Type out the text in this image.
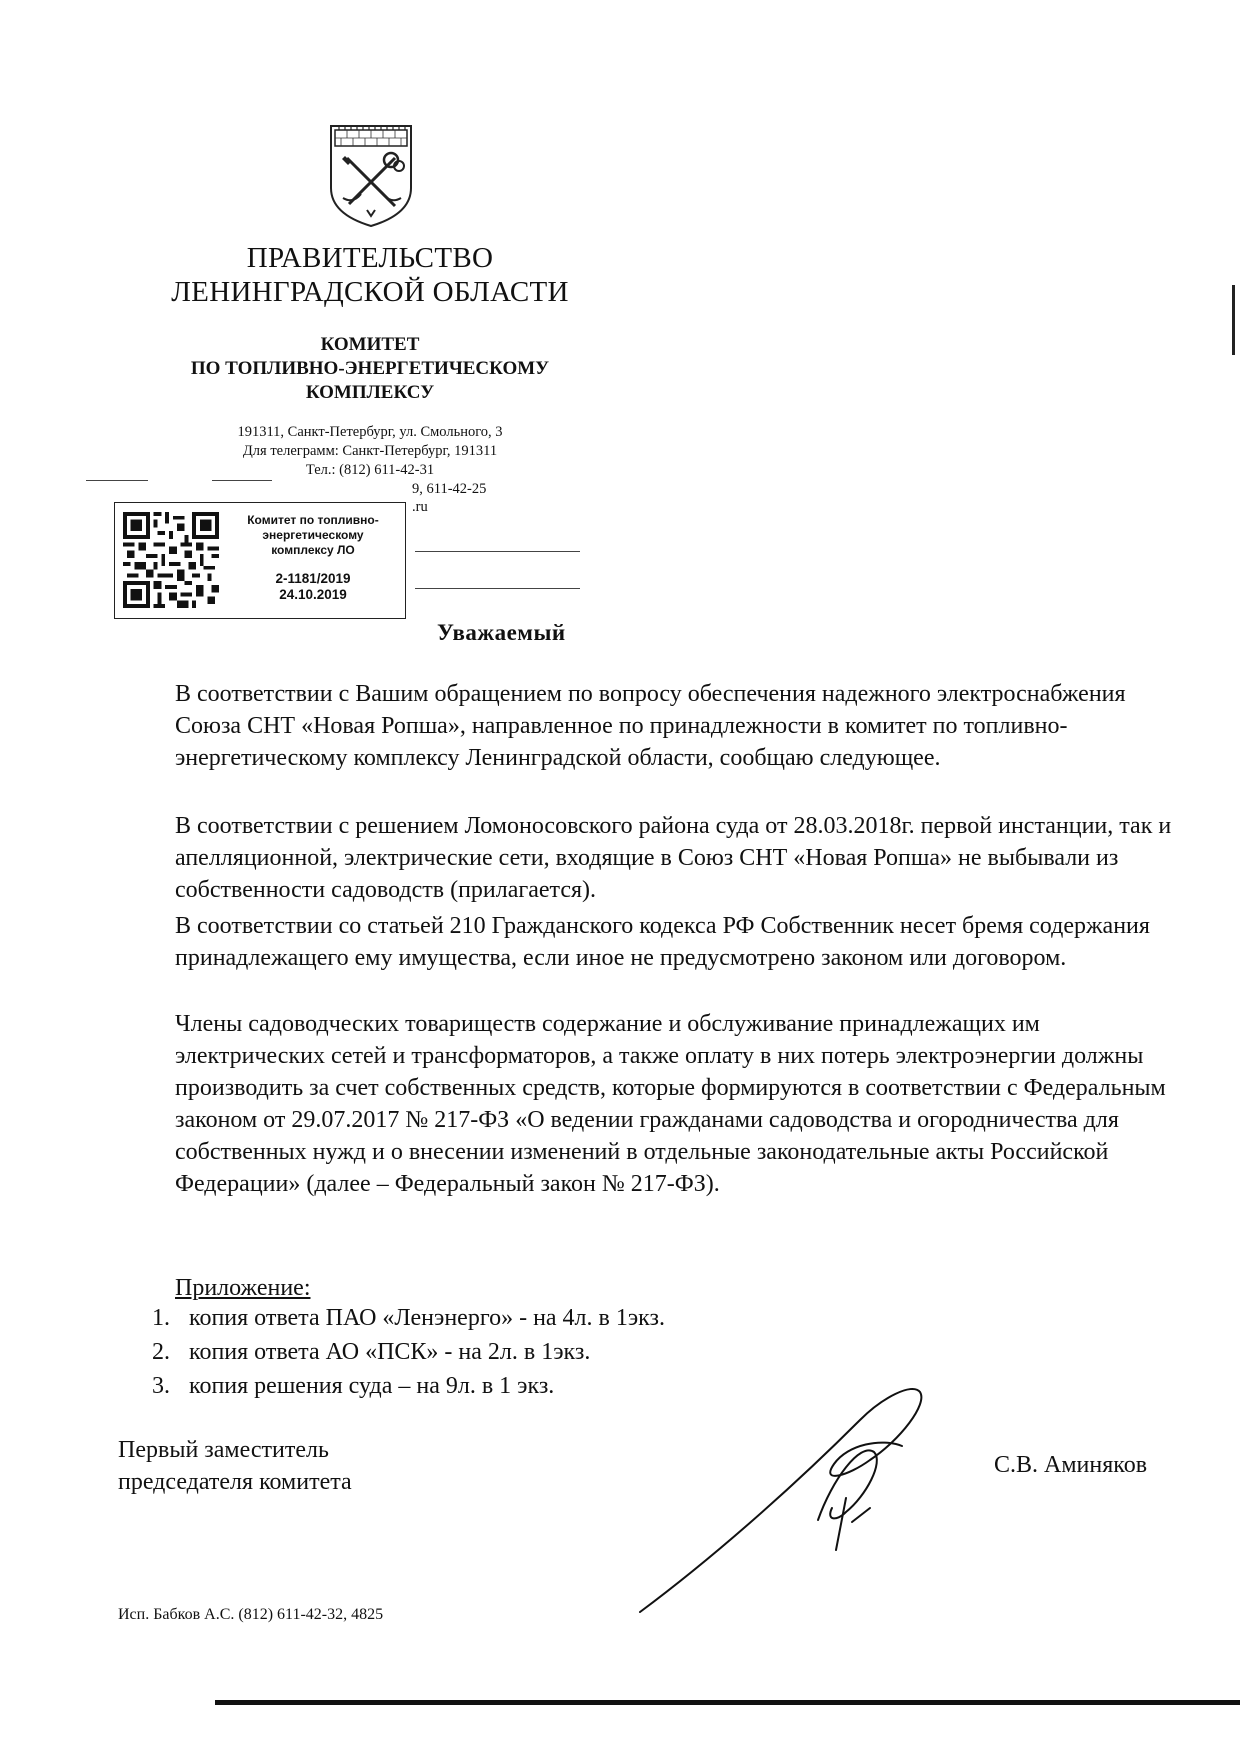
ПРАВИТЕЛЬСТВО
ЛЕНИНГРАДСКОЙ ОБЛАСТИ
КОМИТЕТ
ПО ТОПЛИВНО-ЭНЕРГЕТИЧЕСКОМУ
КОМПЛЕКСУ
191311, Санкт-Петербург, ул. Смольного, 3
Для телеграмм: Санкт-Петербург, 191311
Тел.: (812) 611-42-31
9, 611-42-25
.ru
Комитет по топливно-
энергетическому
комплексу ЛО
2-1181/2019
24.10.2019
Уважаемый
В соответствии с Вашим обращением по вопросу обеспечения надежного электроснабжения Союза СНТ «Новая Ропша», направленное по принадлежности в комитет по топливно-энергетическому комплексу Ленинградской области, сообщаю следующее.
В соответствии с решением Ломоносовского района суда от 28.03.2018г. первой инстанции, так и апелляционной, электрические сети, входящие в Союз СНТ «Новая Ропша» не выбывали из собственности садоводств (прилагается).
В соответствии со статьей 210 Гражданского кодекса РФ Собственник несет бремя содержания принадлежащего ему имущества, если иное не предусмотрено законом или договором.
Члены садоводческих товариществ содержание и обслуживание принадлежащих им электрических сетей и трансформаторов, а также оплату в них потерь электроэнергии должны производить за счет собственных средств, которые формируются в соответствии с Федеральным законом от 29.07.2017 № 217-ФЗ «О ведении гражданами садоводства и огородничества для собственных нужд и о внесении изменений в отдельные законодательные акты Российской Федерации» (далее – Федеральный закон № 217-ФЗ).
Приложение:
1. копия ответа ПАО «Ленэнерго» - на 4л. в 1экз.
2. копия ответа АО «ПСК» - на 2л. в 1экз.
3. копия решения суда – на 9л. в 1 экз.
Первый заместитель
председателя комитета
С.В. Аминяков
Исп. Бабков А.С. (812) 611-42-32, 4825
